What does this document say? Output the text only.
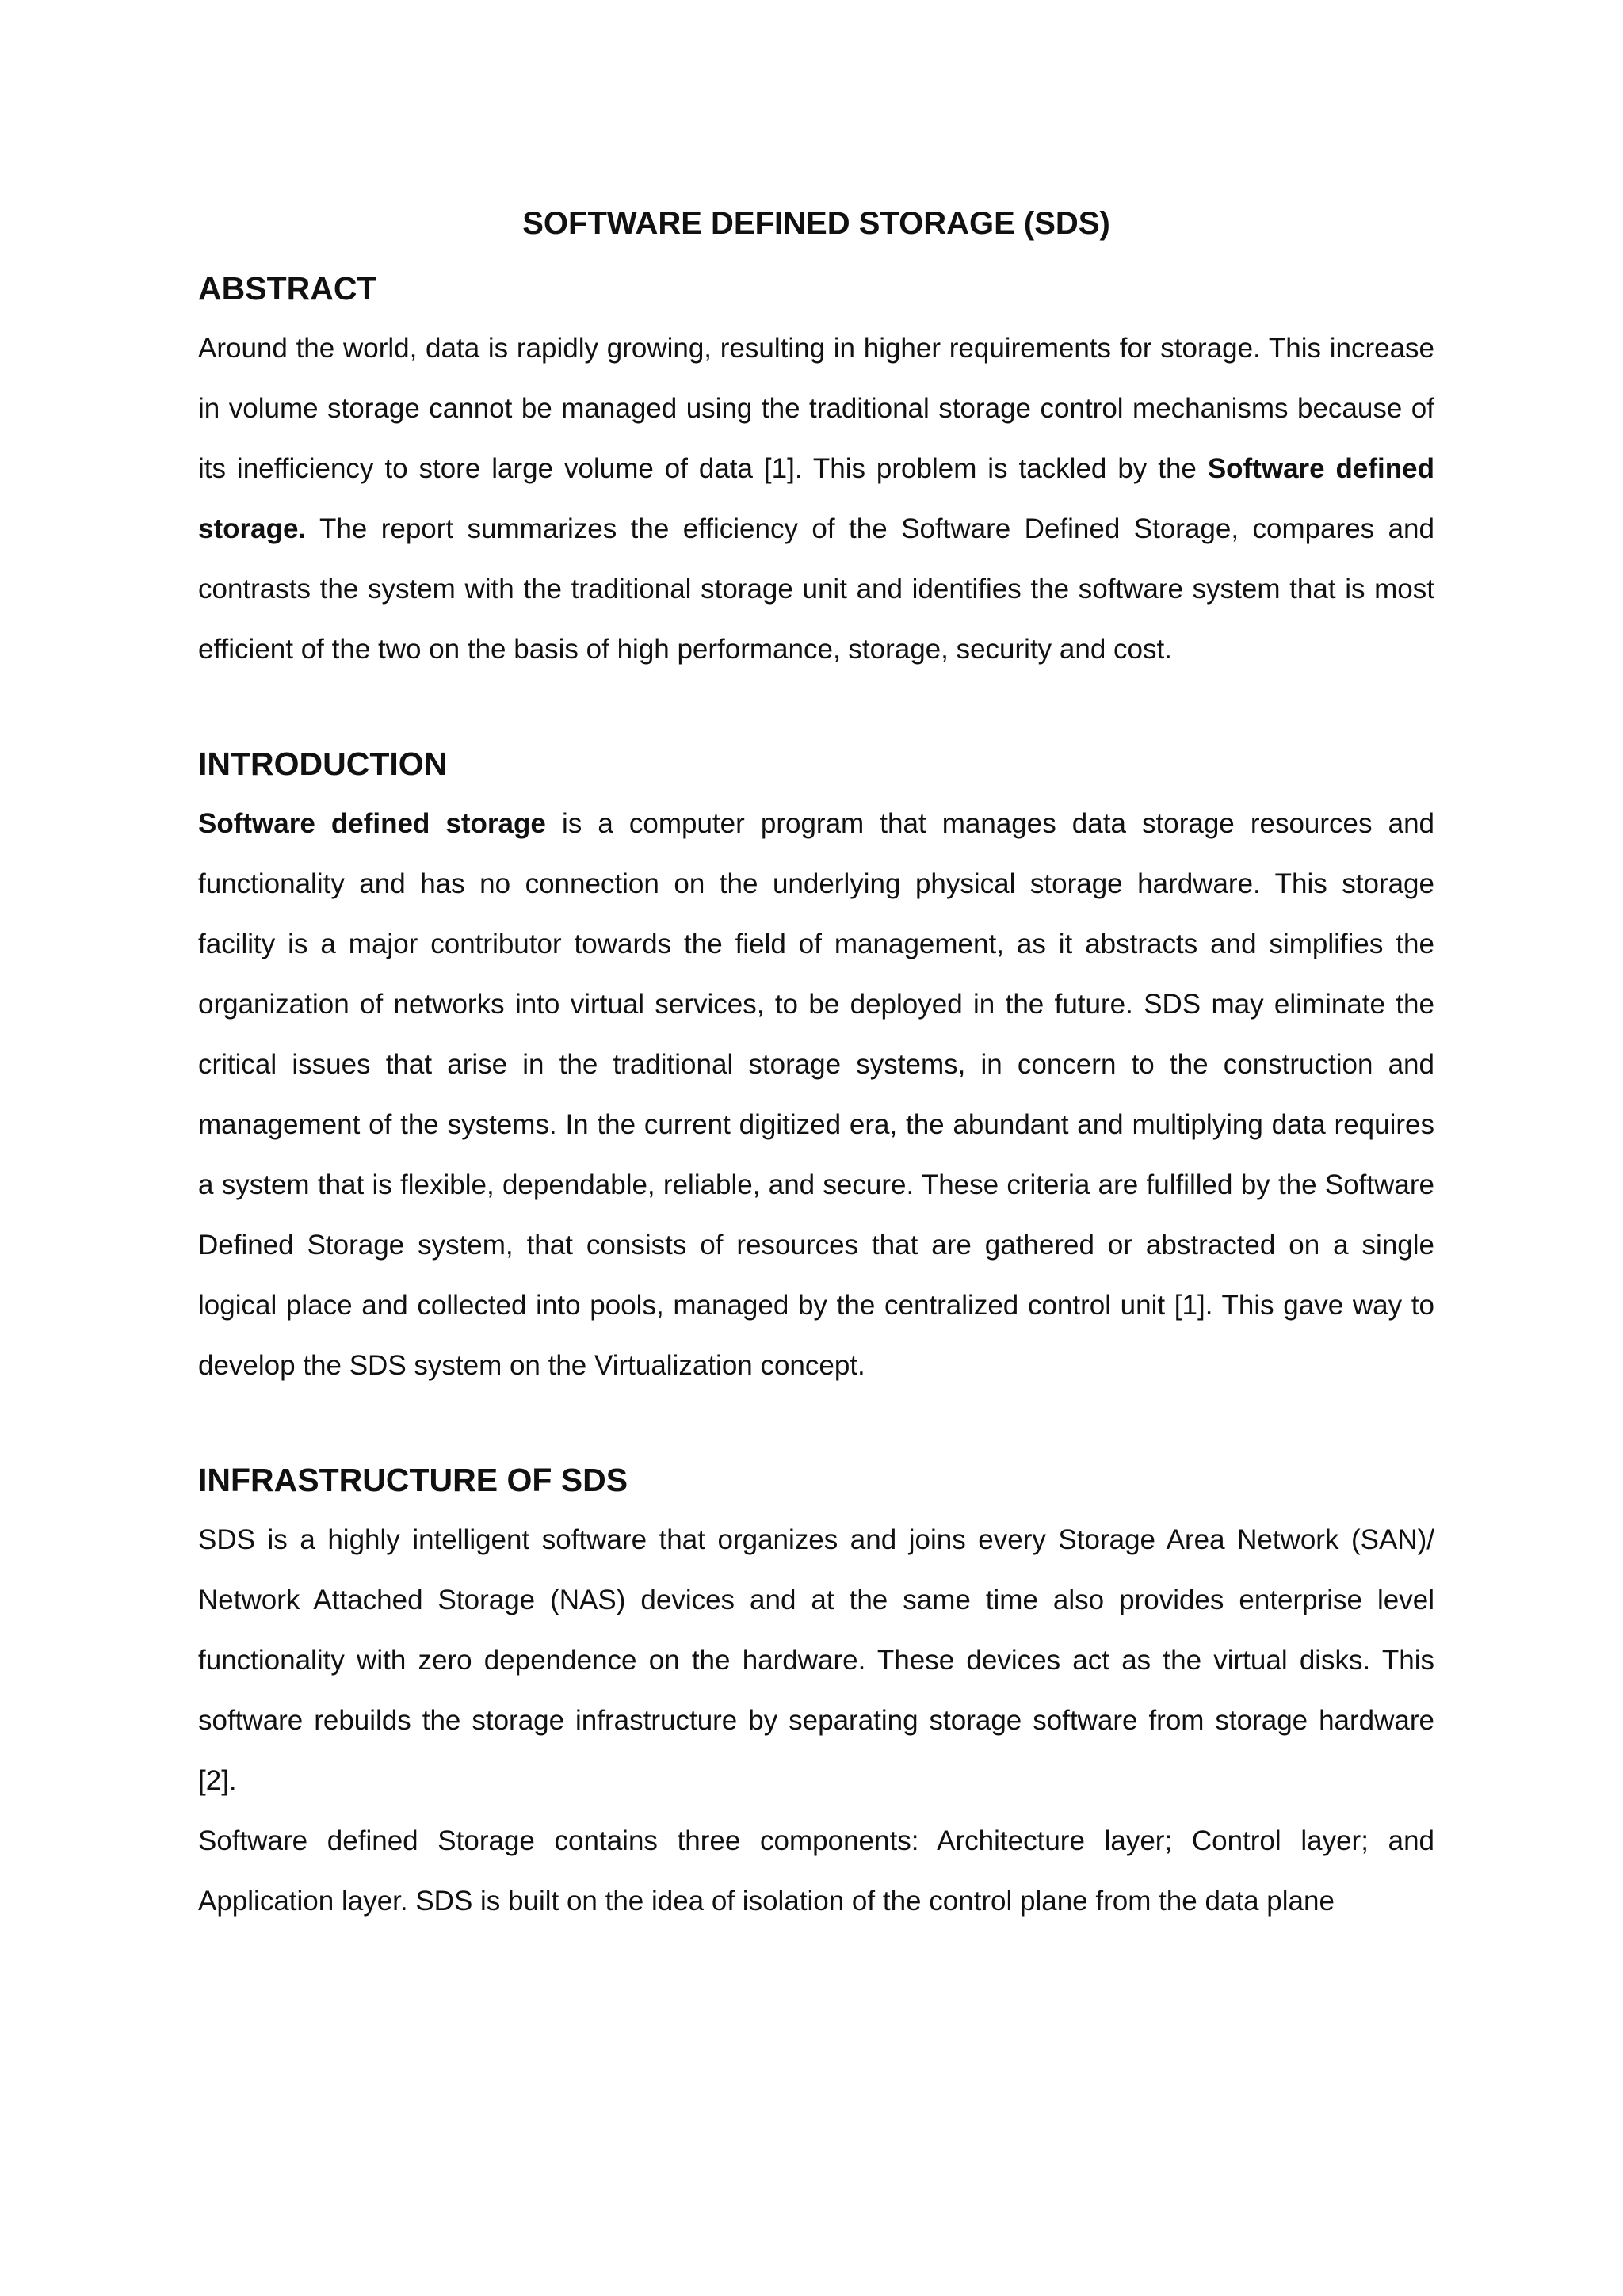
SOFTWARE DEFINED STORAGE (SDS)
ABSTRACT

Around the world, data is rapidly growing, resulting in higher requirements for storage. This increase in volume storage cannot be managed using the traditional storage control mechanisms because of its inefficiency to store large volume of data [1]. This problem is tackled by the Software defined storage. The report summarizes the efficiency of the Software Defined Storage, compares and contrasts the system with the traditional storage unit and identifies the software system that is most efficient of the two on the basis of high performance, storage, security and cost.

INTRODUCTION

Software defined storage is a computer program that manages data storage resources and functionality and has no connection on the underlying physical storage hardware. This storage facility is a major contributor towards the field of management, as it abstracts and simplifies the organization of networks into virtual services, to be deployed in the future. SDS may eliminate the critical issues that arise in the traditional storage systems, in concern to the construction and management of the systems. In the current digitized era, the abundant and multiplying data requires a system that is flexible, dependable, reliable, and secure. These criteria are fulfilled by the Software Defined Storage system, that consists of resources that are gathered or abstracted on a single logical place and collected into pools, managed by the centralized control unit [1]. This gave way to develop the SDS system on the Virtualization concept.

INFRASTRUCTURE OF SDS

SDS is a highly intelligent software that organizes and joins every Storage Area Network (SAN)/ Network Attached Storage (NAS) devices and at the same time also provides enterprise level functionality with zero dependence on the hardware. These devices act as the virtual disks. This software rebuilds the storage infrastructure by separating storage software from storage hardware [2].

Software defined Storage contains three components: Architecture layer; Control layer; and Application layer. SDS is built on the idea of isolation of the control plane from the data plane
